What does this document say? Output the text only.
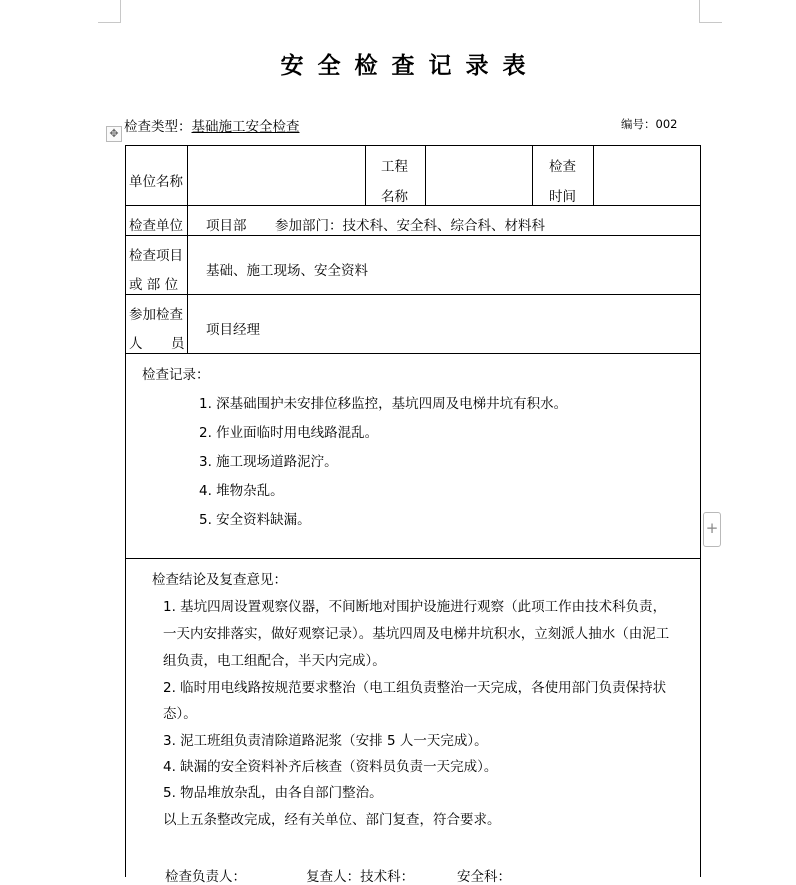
安全检查记录表
检查类型：基础施工安全检查	编号：002
✥
+
单位名称
工程
名称
检查
时间
检查单位 项目部 参加部门：技术科、安全科、综合科、材料科
检查项目
或 部 位
基础、施工现场、安全资料
参加检查
人 员
项目经理
检查记录：
1. 深基础围护未安排位移监控，基坑四周及电梯井坑有积水。
2. 作业面临时用电线路混乱。
3. 施工现场道路泥泞。
4. 堆物杂乱。
5. 安全资料缺漏。
检查结论及复查意见：
1. 基坑四周设置观察仪器，不间断地对围护设施进行观察（此项工作由技术科负责，
一天内安排落实，做好观察记录）。基坑四周及电梯井坑积水，立刻派人抽水（由泥工
组负责，电工组配合，半天内完成）。
2. 临时用电线路按规范要求整治（电工组负责整治一天完成，各使用部门负责保持状
态）。
3. 泥工班组负责清除道路泥浆（安排 5 人一天完成）。
4. 缺漏的安全资料补齐后核查（资料员负责一天完成）。
5. 物品堆放杂乱，由各自部门整治。
以上五条整改完成，经有关单位、部门复查，符合要求。
检查负责人：              复查人：技术科：          安全科：
